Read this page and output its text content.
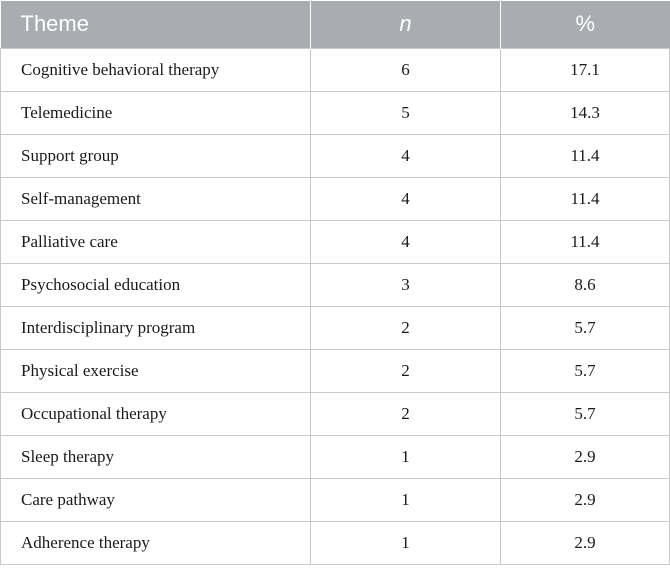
Theme	n	%
Cognitive behavioral therapy	6	17.1
Telemedicine	5	14.3
Support group	4	11.4
Self-management	4	11.4
Palliative care	4	11.4
Psychosocial education	3	8.6
Interdisciplinary program	2	5.7
Physical exercise	2	5.7
Occupational therapy	2	5.7
Sleep therapy	1	2.9
Care pathway	1	2.9
Adherence therapy	1	2.9
